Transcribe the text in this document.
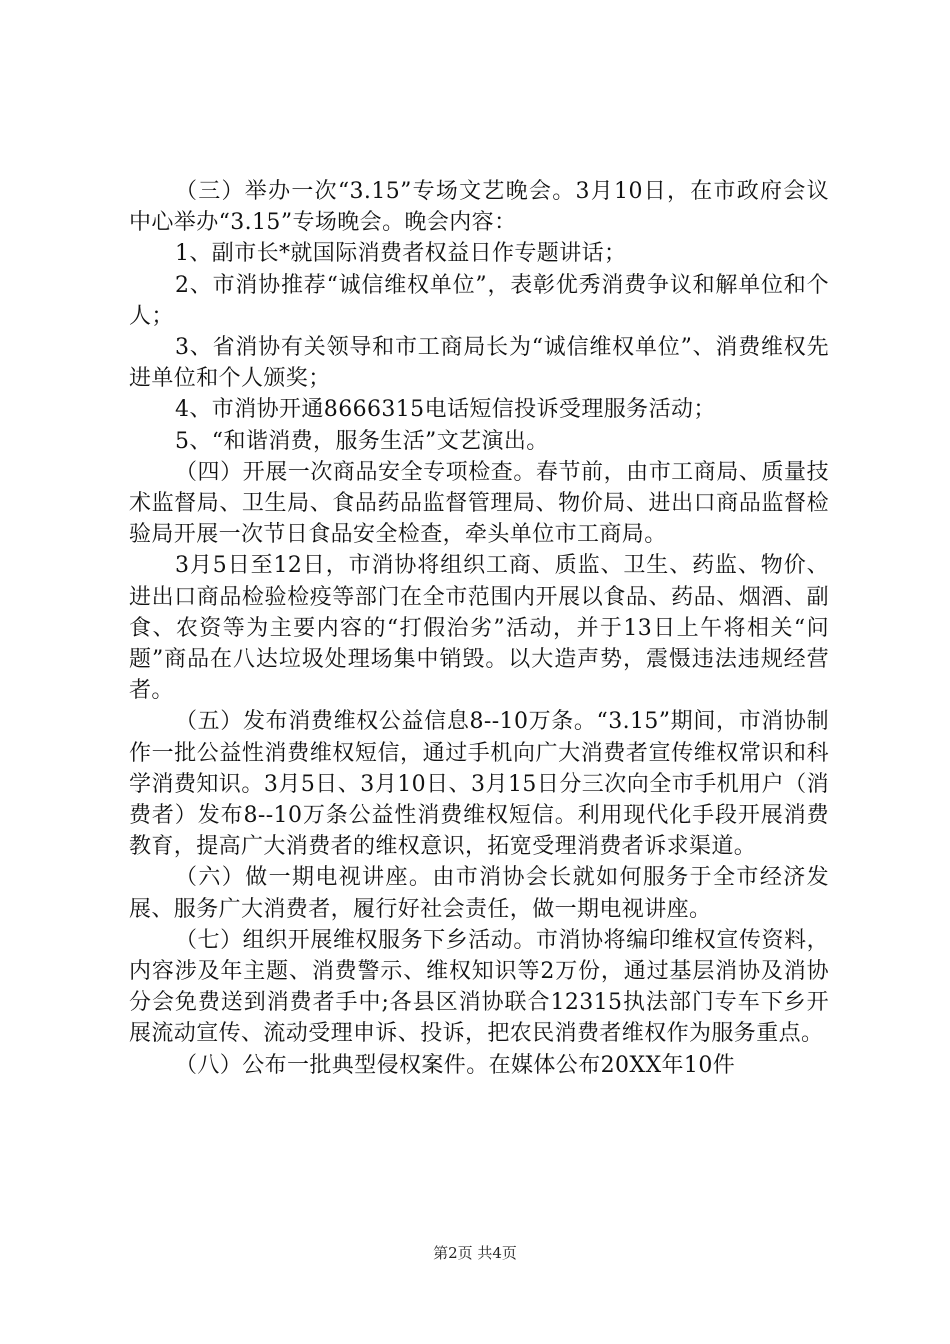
（三）举办一次“3.15”专场文艺晚会。3月10日，在市政府会议中心举办“3.15”专场晚会。晚会内容：

1、副市长*就国际消费者权益日作专题讲话；

2、市消协推荐“诚信维权单位”，表彰优秀消费争议和解单位和个人；

3、省消协有关领导和市工商局长为“诚信维权单位”、消费维权先进单位和个人颁奖；

4、市消协开通8666315电话短信投诉受理服务活动；

5、“和谐消费，服务生活”文艺演出。

（四）开展一次商品安全专项检查。春节前，由市工商局、质量技术监督局、卫生局、食品药品监督管理局、物价局、进出口商品监督检验局开展一次节日食品安全检查，牵头单位市工商局。

3月5日至12日，市消协将组织工商、质监、卫生、药监、物价、进出口商品检验检疫等部门在全市范围内开展以食品、药品、烟酒、副食、农资等为主要内容的“打假治劣”活动，并于13日上午将相关“问题”商品在八达垃圾处理场集中销毁。以大造声势，震慑违法违规经营者。

（五）发布消费维权公益信息8--10万条。“3.15”期间，市消协制作一批公益性消费维权短信，通过手机向广大消费者宣传维权常识和科学消费知识。3月5日、3月10日、3月15日分三次向全市手机用户（消费者）发布8--10万条公益性消费维权短信。利用现代化手段开展消费教育，提高广大消费者的维权意识，拓宽受理消费者诉求渠道。

（六）做一期电视讲座。由市消协会长就如何服务于全市经济发展、服务广大消费者，履行好社会责任，做一期电视讲座。

（七）组织开展维权服务下乡活动。市消协将编印维权宣传资料，内容涉及年主题、消费警示、维权知识等2万份，通过基层消协及消协分会免费送到消费者手中;各县区消协联合12315执法部门专车下乡开展流动宣传、流动受理申诉、投诉，把农民消费者维权作为服务重点。

（八）公布一批典型侵权案件。在媒体公布20XX年10件

第2页 共4页
